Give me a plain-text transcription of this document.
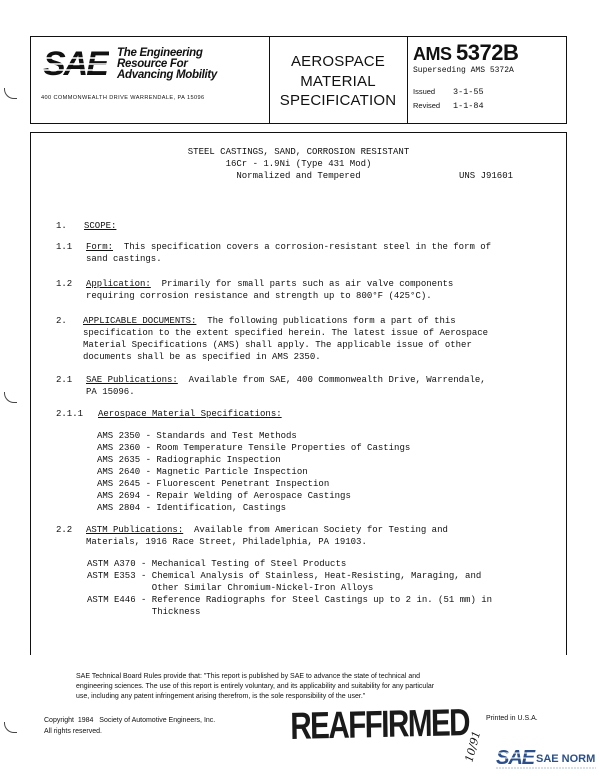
SAE The Engineering
Resource For
Advancing Mobility
400 COMMONWEALTH DRIVE WARRENDALE, PA 15096
AEROSPACE
MATERIAL
SPECIFICATION
AMS 5372B
Superseding AMS 5372A
Issued 3-1-55
Revised 1-1-84
STEEL CASTINGS, SAND, CORROSION RESISTANT
16Cr - 1.9Ni (Type 431 Mod)
Normalized and Tempered	UNS J91601
1. SCOPE:
1.1 Form: This specification covers a corrosion-resistant steel in the form of
sand castings.
1.2 Application: Primarily for small parts such as air valve components
requiring corrosion resistance and strength up to 800°F (425°C).
2. APPLICABLE DOCUMENTS: The following publications form a part of this
specification to the extent specified herein. The latest issue of Aerospace
Material Specifications (AMS) shall apply. The applicable issue of other
documents shall be as specified in AMS 2350.
2.1 SAE Publications: Available from SAE, 400 Commonwealth Drive, Warrendale,
PA 15096.
2.1.1 Aerospace Material Specifications:
AMS 2350 - Standards and Test Methods
AMS 2360 - Room Temperature Tensile Properties of Castings
AMS 2635 - Radiographic Inspection
AMS 2640 - Magnetic Particle Inspection
AMS 2645 - Fluorescent Penetrant Inspection
AMS 2694 - Repair Welding of Aerospace Castings
AMS 2804 - Identification, Castings
2.2 ASTM Publications: Available from American Society for Testing and
Materials, 1916 Race Street, Philadelphia, PA 19103.
ASTM A370 - Mechanical Testing of Steel Products
ASTM E353 - Chemical Analysis of Stainless, Heat-Resisting, Maraging, and
Other Similar Chromium-Nickel-Iron Alloys
ASTM E446 - Reference Radiographs for Steel Castings up to 2 in. (51 mm) in
Thickness
SAE Technical Board Rules provide that: "This report is published by SAE to advance the state of technical and
engineering sciences. The use of this report is entirely voluntary, and its applicability and suitability for any particular
use, including any patent infringement arising therefrom, is the sole responsibility of the user."
Copyright 1984 Society of Automotive Engineers, Inc.
All rights reserved.
Printed in U.S.A.
REAFFIRMED
10/91 SAE SAE NORM
